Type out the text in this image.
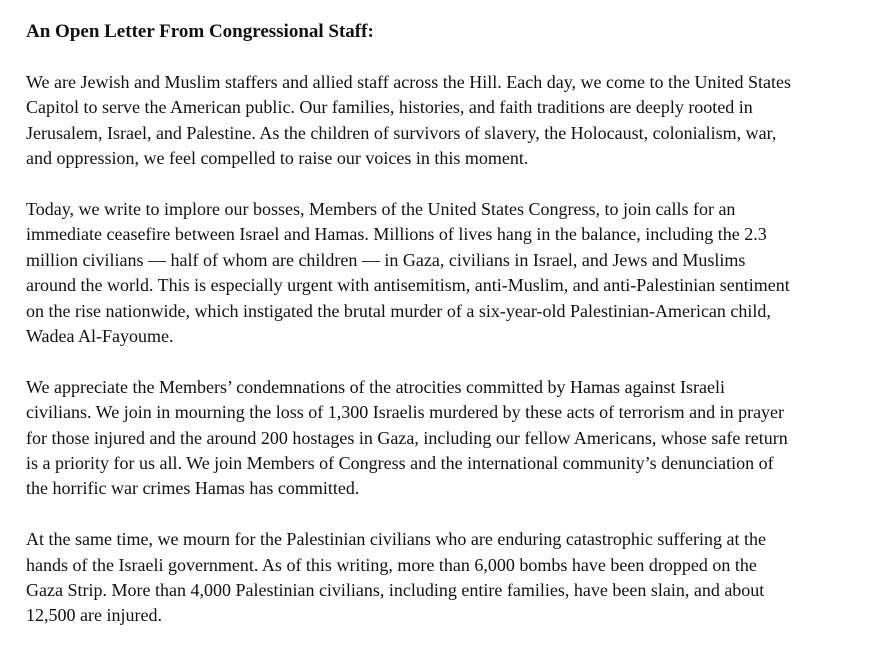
An Open Letter From Congressional Staff:

We are Jewish and Muslim staffers and allied staff across the Hill. Each day, we come to the United States
Capitol to serve the American public. Our families, histories, and faith traditions are deeply rooted in
Jerusalem, Israel, and Palestine. As the children of survivors of slavery, the Holocaust, colonialism, war,
and oppression, we feel compelled to raise our voices in this moment.

Today, we write to implore our bosses, Members of the United States Congress, to join calls for an
immediate ceasefire between Israel and Hamas. Millions of lives hang in the balance, including the 2.3
million civilians — half of whom are children — in Gaza, civilians in Israel, and Jews and Muslims
around the world. This is especially urgent with antisemitism, anti-Muslim, and anti-Palestinian sentiment
on the rise nationwide, which instigated the brutal murder of a six-year-old Palestinian-American child,
Wadea Al-Fayoume.

We appreciate the Members’ condemnations of the atrocities committed by Hamas against Israeli
civilians. We join in mourning the loss of 1,300 Israelis murdered by these acts of terrorism and in prayer
for those injured and the around 200 hostages in Gaza, including our fellow Americans, whose safe return
is a priority for us all. We join Members of Congress and the international community’s denunciation of
the horrific war crimes Hamas has committed.

At the same time, we mourn for the Palestinian civilians who are enduring catastrophic suffering at the
hands of the Israeli government. As of this writing, more than 6,000 bombs have been dropped on the
Gaza Strip. More than 4,000 Palestinian civilians, including entire families, have been slain, and about
12,500 are injured.
